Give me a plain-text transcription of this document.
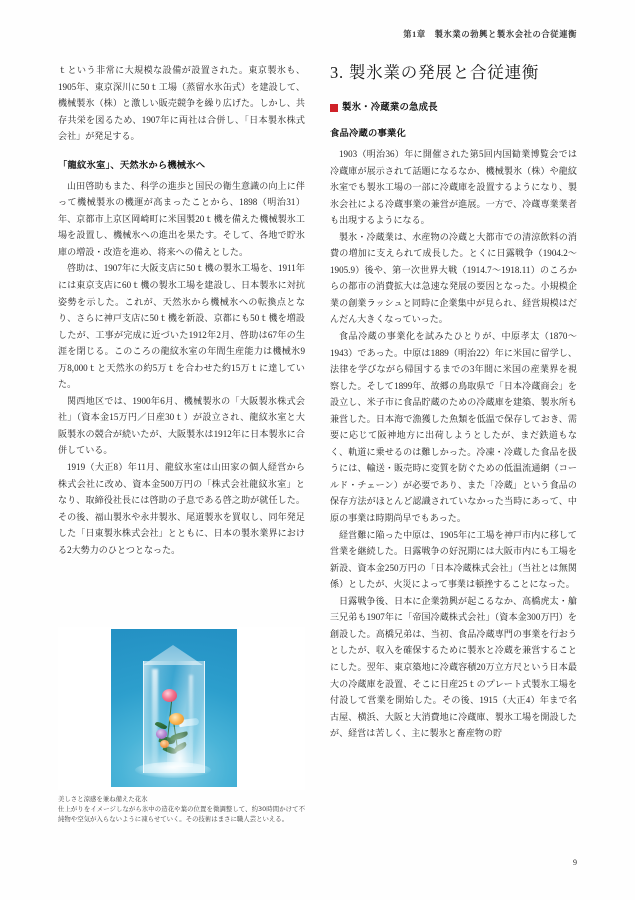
第1章　製氷業の勃興と製氷会社の合従連衡

ｔという非常に大規模な設備が設置された。東京製氷も、1905年、東京深川に50ｔ工場（蒸留水氷缶式）を建設して、機械製氷（株）と激しい販売競争を繰り広げた。しかし、共存共栄を図るため、1907年に両社は合併し、「日本製氷株式会社」が発足する。

「龍紋氷室」、天然氷から機械氷へ

山田啓助もまた、科学の進歩と国民の衛生意識の向上に伴って機械製氷の機運が高まったことから、1898（明治31）年、京都市上京区岡崎町に米国製20ｔ機を備えた機械製氷工場を設置し、機械氷への進出を果たす。そして、各地で貯氷庫の増設・改造を進め、将来への備えとした。

啓助は、1907年に大阪支店に50ｔ機の製氷工場を、1911年には東京支店に60ｔ機の製氷工場を建設し、日本製氷に対抗姿勢を示した。これが、天然氷から機械氷への転換点となり、さらに神戸支店に50ｔ機を新設、京都にも50ｔ機を増設したが、工事が完成に近づいた1912年2月、啓助は67年の生涯を閉じる。このころの龍紋氷室の年間生産能力は機械氷9万8,000ｔと天然氷の約5万ｔを合わせた約15万ｔに達していた。

関西地区では、1900年6月、機械製氷の「大阪製氷株式会社」（資本金15万円／日産30ｔ）が設立され、龍紋氷室と大阪製氷の競合が続いたが、大阪製氷は1912年に日本製氷に合併している。

1919（大正8）年11月、龍紋氷室は山田家の個人経営から株式会社に改め、資本金500万円の「株式会社龍紋氷室」となり、取締役社長には啓助の子息である啓之助が就任した。その後、福山製氷や永井製氷、尾道製氷を買収し、同年発足した「日東製氷株式会社」とともに、日本の製氷業界における2大勢力のひとつとなった。

美しさと涼感を兼ね備えた花氷
仕上がりをイメージしながら氷中の造花や葉の位置を微調整して、約30時間かけて不純物や空気が入らないように凍らせていく。その技術はまさに職人芸といえる。
3. 製氷業の発展と合従連衡
製氷・冷蔵業の急成長
食品冷蔵の事業化

1903（明治36）年に開催された第5回内国勧業博覧会では冷蔵庫が展示されて話題になるなか、機械製氷（株）や龍紋氷室でも製氷工場の一部に冷蔵庫を設置するようになり、製氷会社による冷蔵事業の兼営が進展。一方で、冷蔵専業業者も出現するようになる。

製氷・冷蔵業は、水産物の冷蔵と大都市での清涼飲料の消費の増加に支えられて成長した。とくに日露戦争（1904.2〜1905.9）後や、第一次世界大戦（1914.7〜1918.11）のころからの都市の消費拡大は急速な発展の要因となった。小規模企業の創業ラッシュと同時に企業集中が見られ、経営規模はだんだん大きくなっていった。

食品冷蔵の事業化を試みたひとりが、中原孝太（1870〜1943）であった。中原は1889（明治22）年に米国に留学し、法律を学びながら帰国するまでの3年間に米国の産業界を視察した。そして1899年、故郷の鳥取県で「日本冷蔵商会」を設立し、米子市に食品貯蔵のための冷蔵庫を建築、製氷所も兼営した。日本海で漁獲した魚類を低温で保存しておき、需要に応じて阪神地方に出荷しようとしたが、まだ鉄道もなく、軌道に乗せるのは難しかった。冷凍・冷蔵した食品を扱うには、輸送・販売時に変質を防ぐための低温流通網（コールド・チェーン）が必要であり、また「冷蔵」という食品の保存方法がほとんど認識されていなかった当時にあって、中原の事業は時期尚早でもあった。

経営難に陥った中原は、1905年に工場を神戸市内に移して営業を継続した。日露戦争の好況期には大阪市内にも工場を新設、資本金250万円の「日本冷蔵株式会社」（当社とは無関係）としたが、火災によって事業は頓挫することになった。

日露戦争後、日本に企業勃興が起こるなか、高橋虎太・艙三兄弟も1907年に「帝国冷蔵株式会社」（資本金300万円）を創設した。高橋兄弟は、当初、食品冷蔵専門の事業を行おうとしたが、収入を確保するために製氷と冷蔵を兼営することにした。翌年、東京築地に冷蔵容積20万立方尺という日本最大の冷蔵庫を設置、そこに日産25ｔのプレート式製氷工場を付設して営業を開始した。その後、1915（大正4）年まで名古屋、横浜、大阪と大消費地に冷蔵庫、製氷工場を開設したが、経営は苦しく、主に製氷と畜産物の貯

9
